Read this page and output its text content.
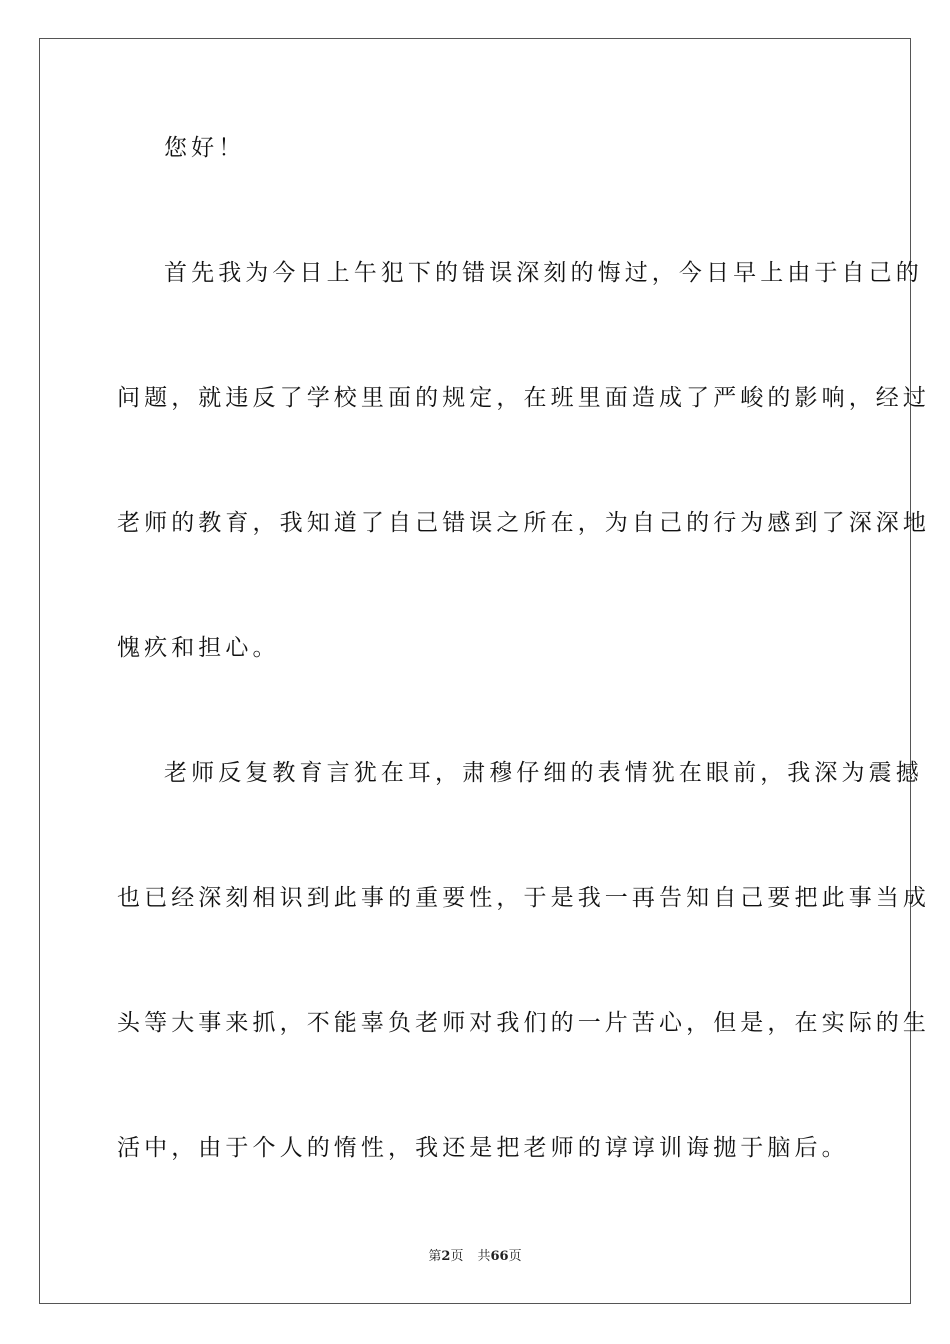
您好！
首先我为今日上午犯下的错误深刻的悔过，今日早上由于自己的
问题，就违反了学校里面的规定，在班里面造成了严峻的影响，经过
老师的教育，我知道了自己错误之所在，为自己的行为感到了深深地
愧疚和担心。
老师反复教育言犹在耳，肃穆仔细的表情犹在眼前，我深为震撼
也已经深刻相识到此事的重要性，于是我一再告知自己要把此事当成
头等大事来抓，不能辜负老师对我们的一片苦心，但是，在实际的生
活中，由于个人的惰性，我还是把老师的谆谆训诲抛于脑后。
第2页 共66页
